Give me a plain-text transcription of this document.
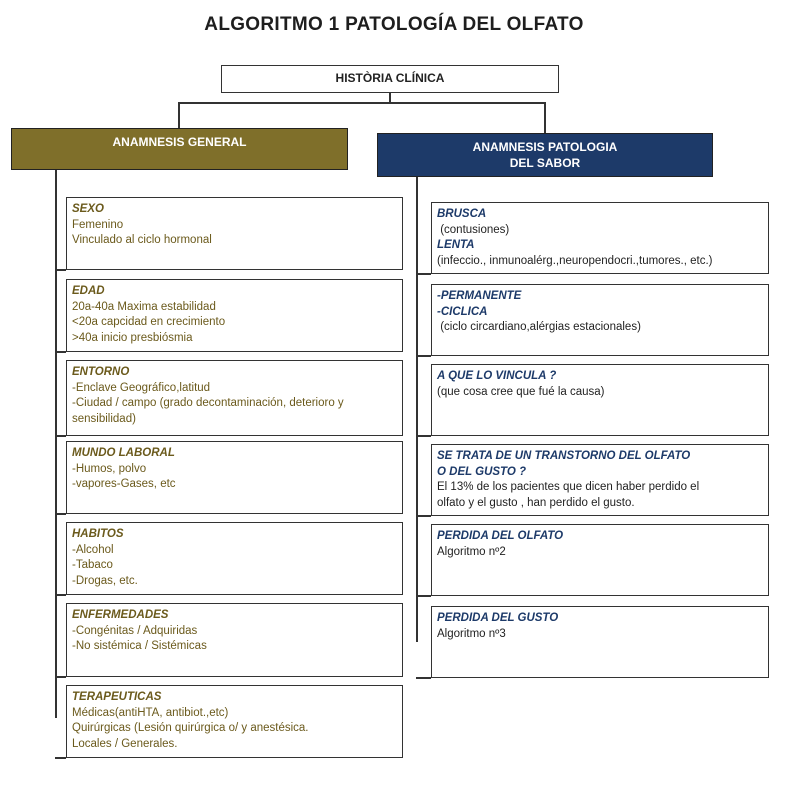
ALGORITMO 1 PATOLOGÍA DEL OLFATO
HISTÒRIA CLÍNICA
ANAMNESIS GENERAL	ANAMNESIS PATOLOGIA
DEL SABOR
SEXO
Femenino
Vinculado al ciclo hormonal
EDAD
20a-40a Maxima estabilidad
<20a capcidad en crecimiento
>40a inicio presbiósmia
ENTORNO
-Enclave Geográfico,latitud
-Ciudad / campo (grado decontaminación, deterioro y
sensibilidad)
MUNDO LABORAL
-Humos, polvo
-vapores-Gases, etc
HABITOS
-Alcohol
-Tabaco
-Drogas, etc.
ENFERMEDADES
-Congénitas / Adquiridas
-No sistémica / Sistémicas
TERAPEUTICAS
Médicas(antiHTA, antibiot.,etc)
Quirúrgicas (Lesión quirúrgica o/ y anestésica.
Locales / Generales.
BRUSCA
(contusiones)
LENTA
(infeccio., inmunoalérg.,neuropendocri.,tumores., etc.)
-PERMANENTE
-CICLICA
(ciclo circardiano,alérgias estacionales)
A QUE LO VINCULA ?
(que cosa cree que fué la causa)
SE TRATA DE UN TRANSTORNO DEL OLFATO
O DEL GUSTO ?
El 13% de los pacientes que dicen haber perdido el
olfato y el gusto , han perdido el gusto.
PERDIDA DEL OLFATO
Algoritmo nº2
PERDIDA DEL GUSTO
Algoritmo nº3
